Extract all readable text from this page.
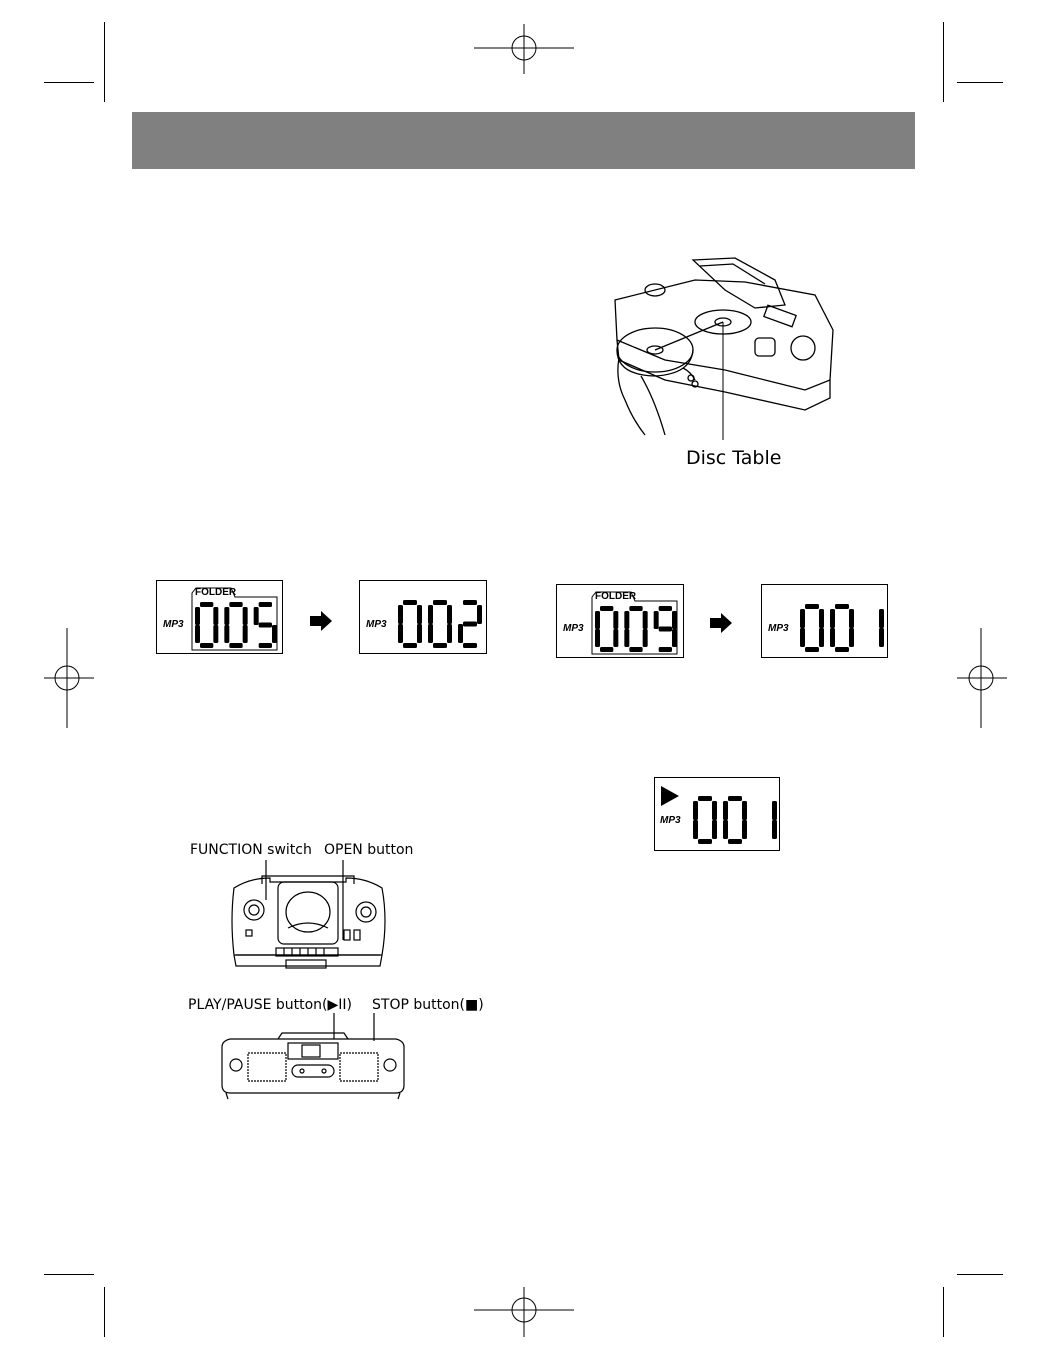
Disc Table
MP3
FOLDER
MP3	MP3
FOLDER
MP3
MP3
FUNCTION switch OPEN button
PLAY/PAUSE button(▶II) STOP button(■)
